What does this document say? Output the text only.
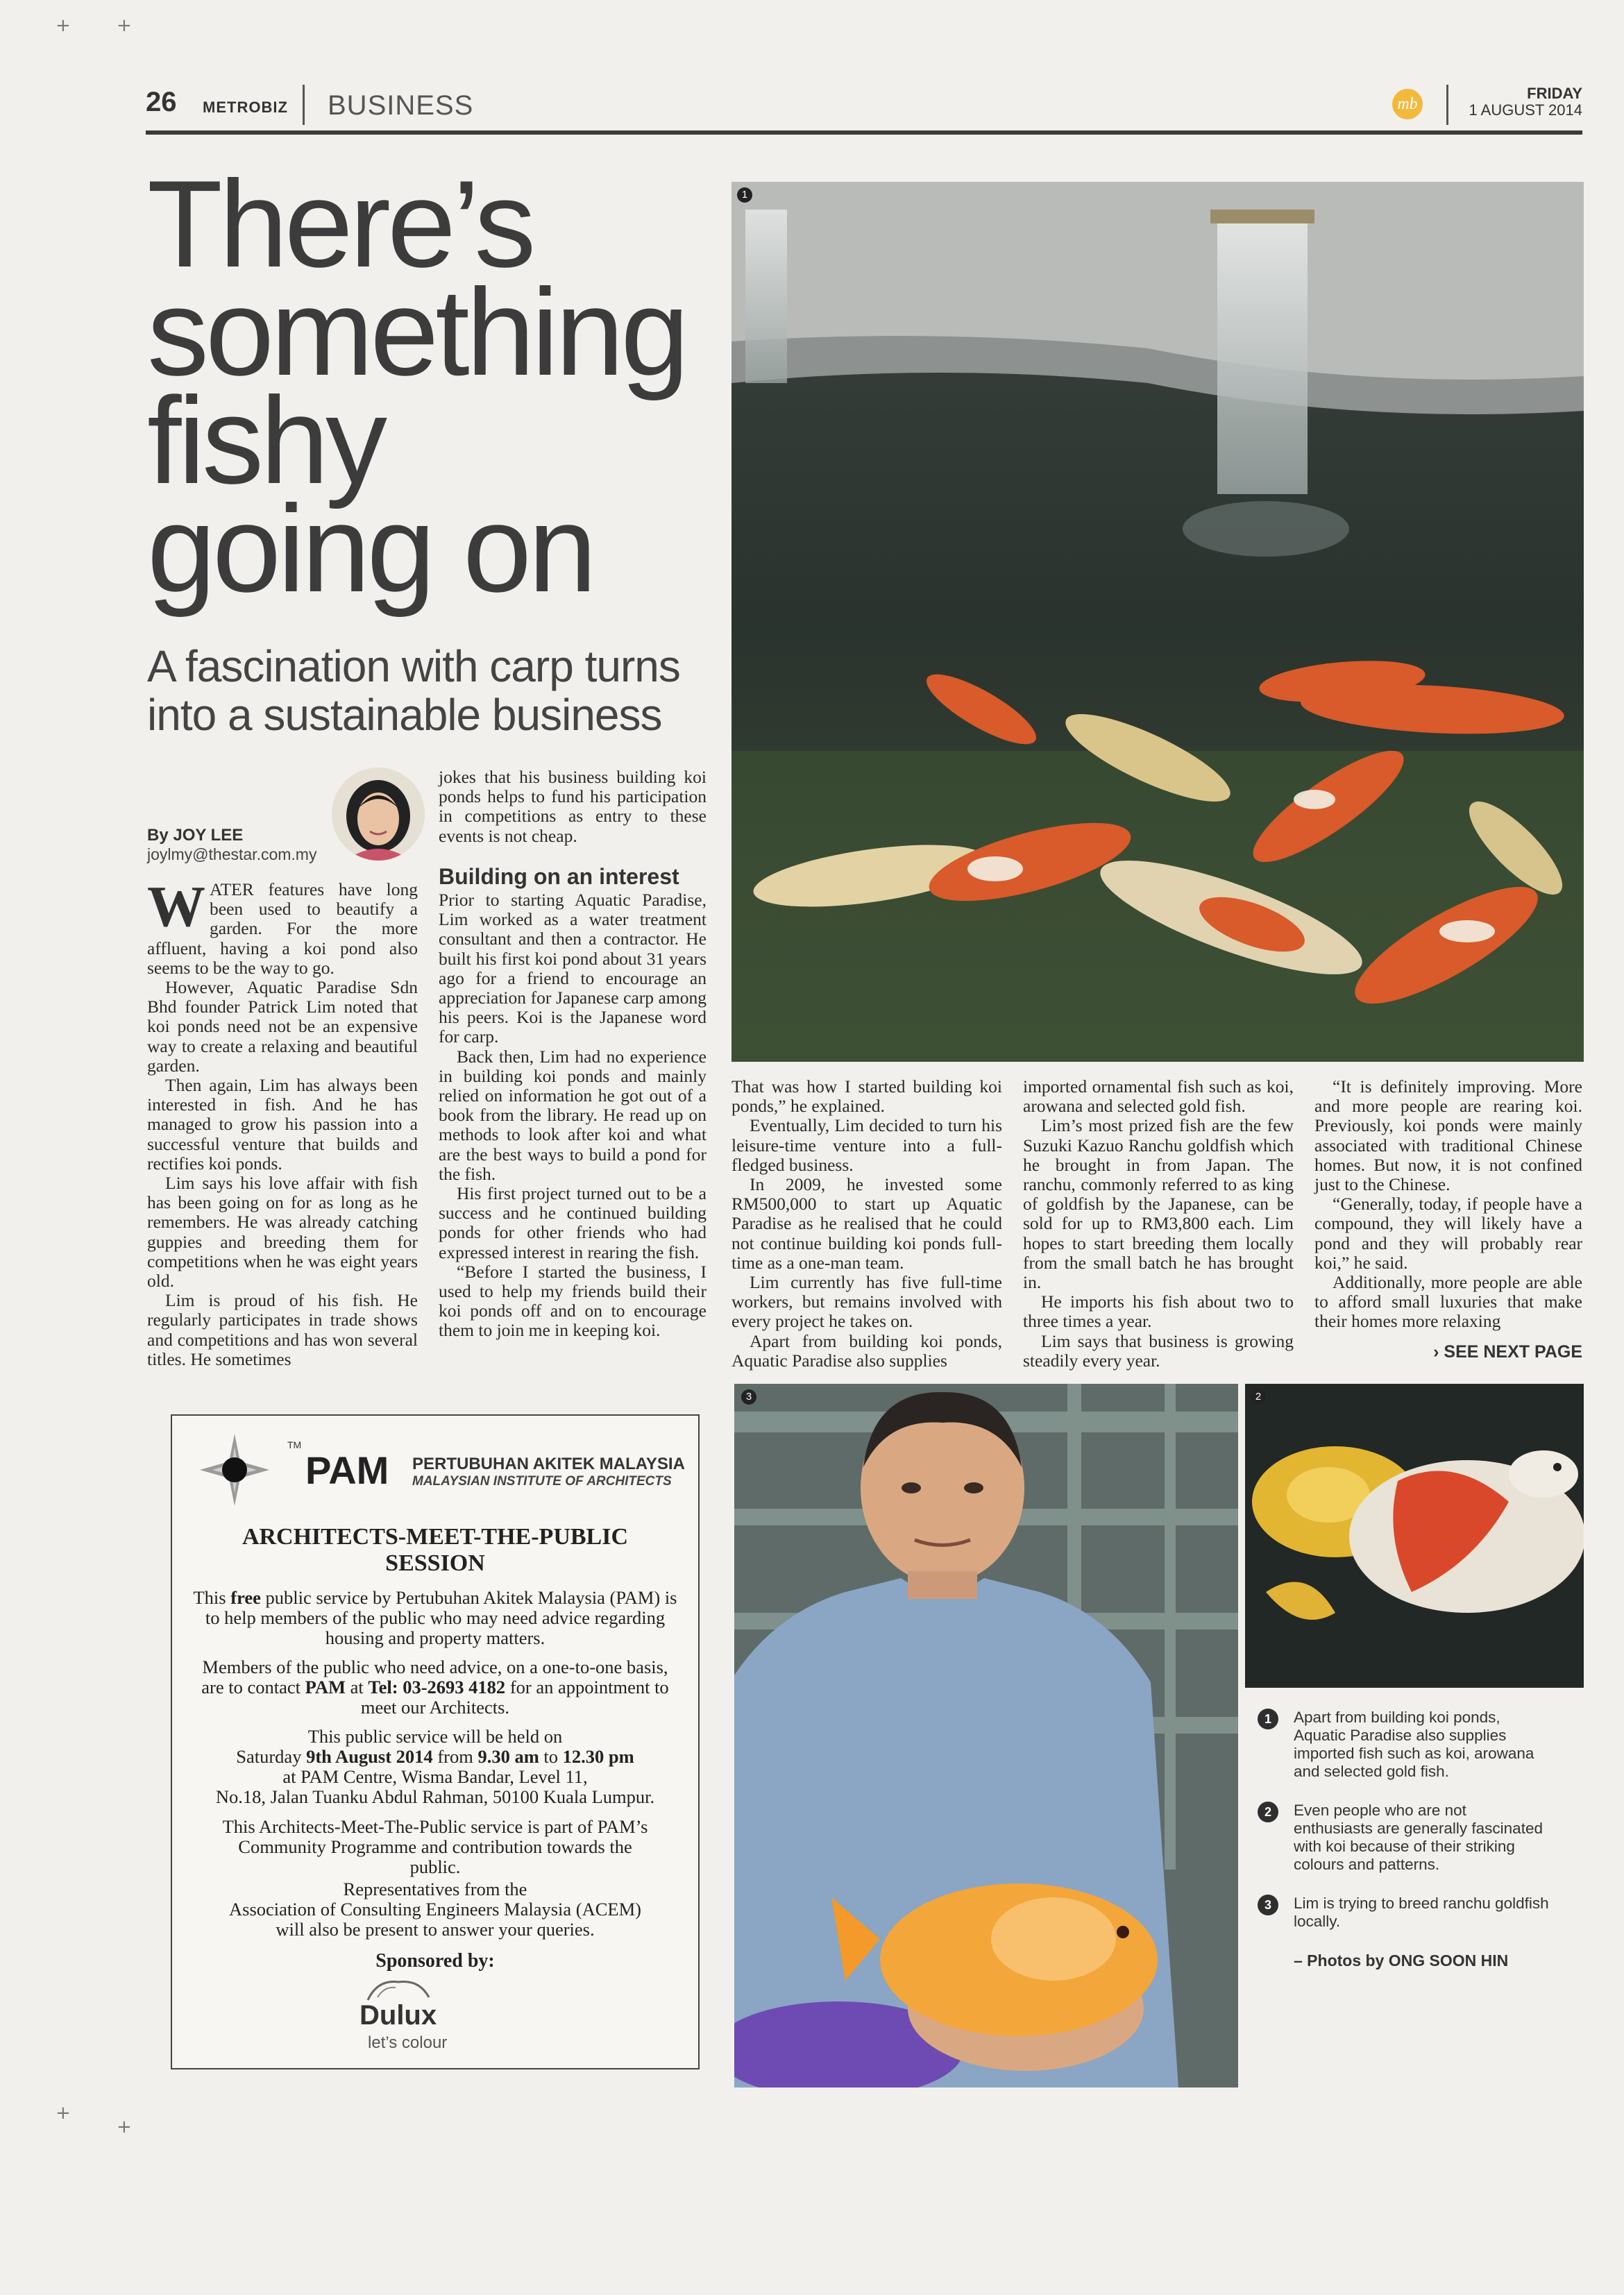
+
+
+
+
26 METROBIZ BUSINESS	mb
FRIDAY
1 AUGUST 2014
There’s
something
fishy
going on
A fascination with carp turns into a sustainable business
By JOY LEE
joylmy@thestar.com.my

WATER features have long been used to beautify a garden. For the more affluent, having a koi pond also seems to be the way to go.

However, Aquatic Paradise Sdn Bhd founder Patrick Lim noted that koi ponds need not be an expensive way to create a relaxing and beautiful garden.

Then again, Lim has always been interested in fish. And he has managed to grow his passion into a successful venture that builds and rectifies koi ponds.

Lim says his love affair with fish has been going on for as long as he remembers. He was already catching guppies and breeding them for competitions when he was eight years old.

Lim is proud of his fish. He regularly participates in trade shows and competitions and has won several titles. He sometimes

jokes that his business building koi ponds helps to fund his participation in competitions as entry to these events is not cheap.

Building on an interest

Prior to starting Aquatic Paradise, Lim worked as a water treatment consultant and then a contractor. He built his first koi pond about 31 years ago for a friend to encourage an appreciation for Japanese carp among his peers. Koi is the Japanese word for carp.

Back then, Lim had no experience in building koi ponds and mainly relied on information he got out of a book from the library. He read up on methods to look after koi and what are the best ways to build a pond for the fish.

His first project turned out to be a success and he continued building ponds for other friends who had expressed interest in rearing the fish.

“Before I started the business, I used to help my friends build their koi ponds off and on to encourage them to join me in keeping koi.

That was how I started building koi ponds,” he explained.

Eventually, Lim decided to turn his leisure-time venture into a full-fledged business.

In 2009, he invested some RM500,000 to start up Aquatic Paradise as he realised that he could not continue building koi ponds full-time as a one-man team.

Lim currently has five full-time workers, but remains involved with every project he takes on.

Apart from building koi ponds, Aquatic Paradise also supplies

imported ornamental fish such as koi, arowana and selected gold fish.

Lim’s most prized fish are the few Suzuki Kazuo Ranchu goldfish which he brought in from Japan. The ranchu, commonly referred to as king of goldfish by the Japanese, can be sold for up to RM3,800 each. Lim hopes to start breeding them locally from the small batch he has brought in.

He imports his fish about two to three times a year.

Lim says that business is growing steadily every year.

“It is definitely improving. More and more people are rearing koi. Previously, koi ponds were mainly associated with traditional Chinese homes. But now, it is not confined just to the Chinese.

“Generally, today, if people have a compound, they will likely have a pond and they will probably rear koi,” he said.

Additionally, more people are able to afford small luxuries that make their homes more relaxing

› SEE NEXT PAGE
1
3	2
1	Apart from building koi ponds, Aquatic Paradise also supplies imported fish such as koi, arowana and selected gold fish.
2	Even people who are not enthusiasts are generally fascinated with koi because of their striking colours and patterns.
3	Lim is trying to breed ranchu goldfish locally.
– Photos by ONG SOON HIN
TM
PAM PERTUBUHAN AKITEK MALAYSIA
MALAYSIAN INSTITUTE OF ARCHITECTS
ARCHITECTS-MEET-THE-PUBLIC
SESSION
This free public service by Pertubuhan Akitek Malaysia (PAM) is to help members of the public who may need advice regarding housing and property matters.
Members of the public who need advice, on a one-to-one basis, are to contact PAM at Tel: 03-2693 4182 for an appointment to meet our Architects.
This public service will be held on
Saturday 9th August 2014 from 9.30 am to 12.30 pm
at PAM Centre, Wisma Bandar, Level 11,
No.18, Jalan Tuanku Abdul Rahman, 50100 Kuala Lumpur.
This Architects-Meet-The-Public service is part of PAM’s Community Programme and contribution towards the public.
Representatives from the
Association of Consulting Engineers Malaysia (ACEM)
will also be present to answer your queries.
Sponsored by:
Dulux
let’s colour
